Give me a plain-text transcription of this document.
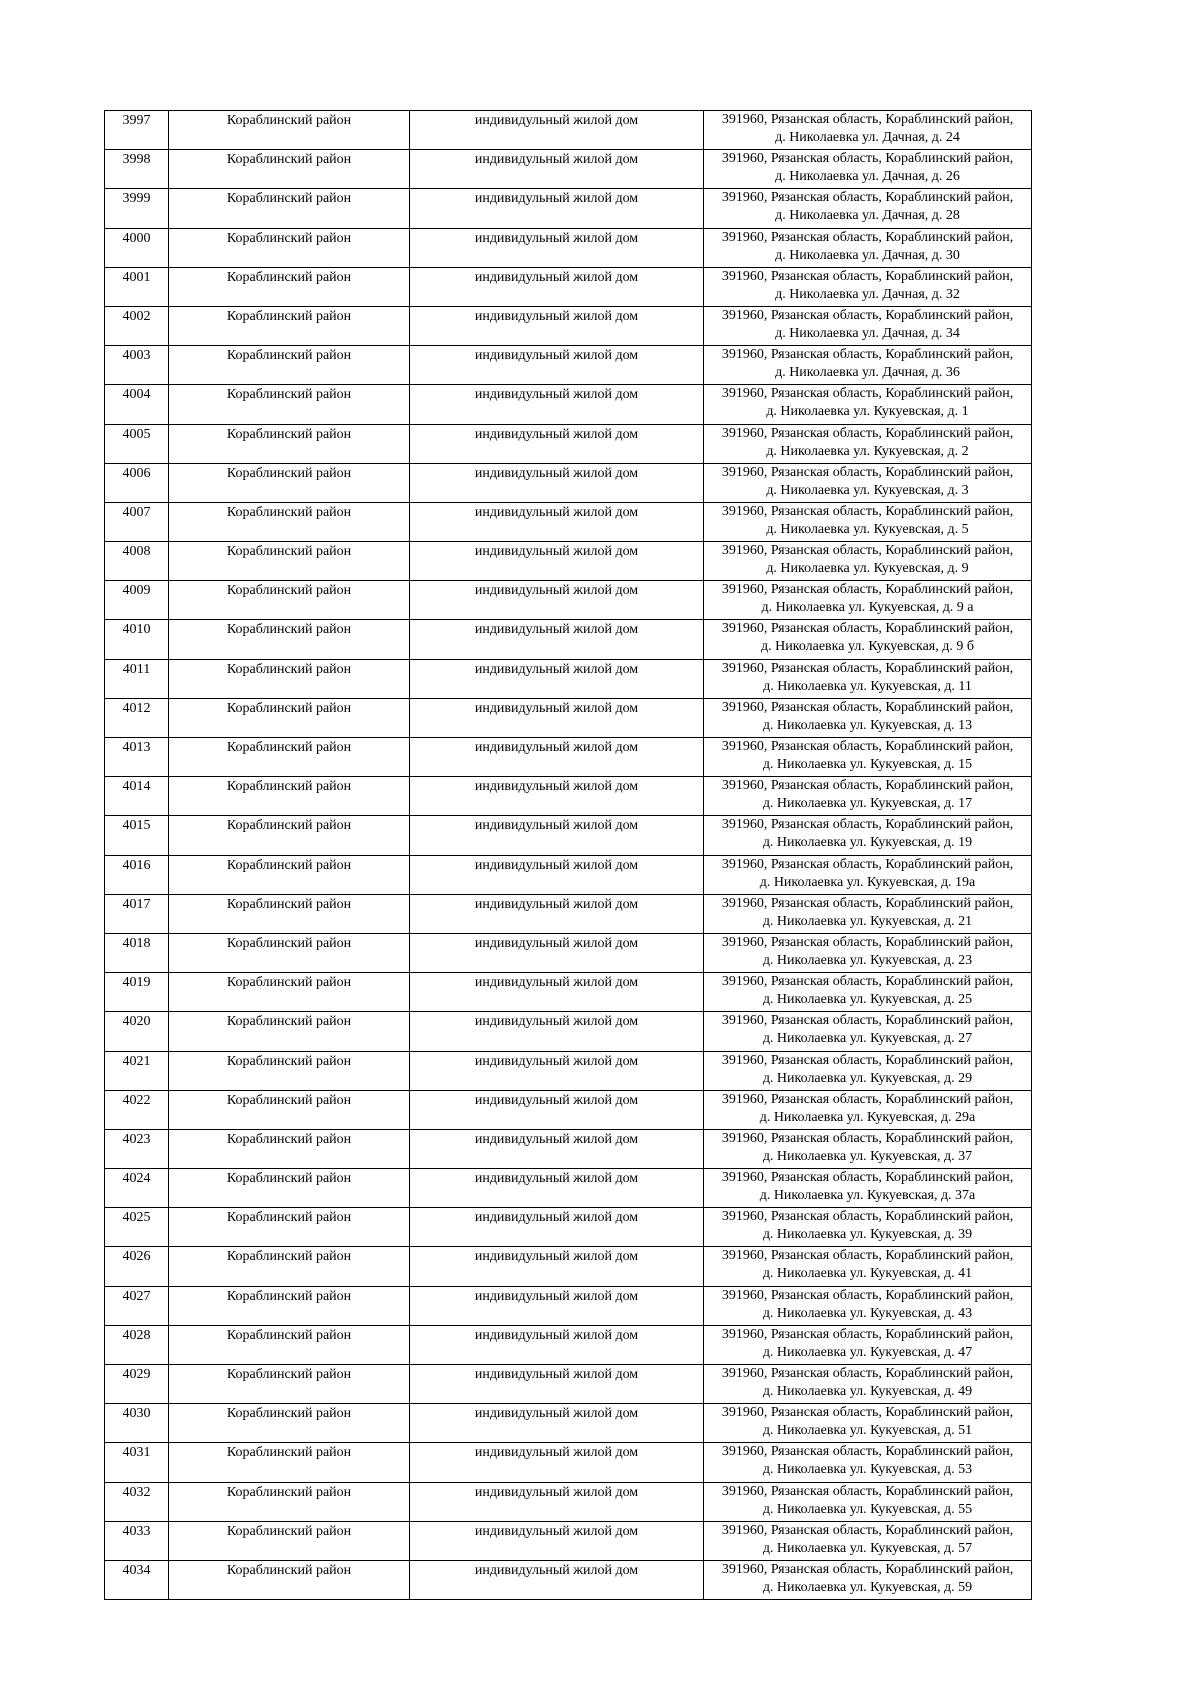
3997	Кораблинский район	индивидульный жилой дом	391960, Рязанская область, Кораблинский район,
д. Николаевка ул. Дачная, д. 24

3998	Кораблинский район	индивидульный жилой дом	391960, Рязанская область, Кораблинский район,
д. Николаевка ул. Дачная, д. 26

3999	Кораблинский район	индивидульный жилой дом	391960, Рязанская область, Кораблинский район,
д. Николаевка ул. Дачная, д. 28

4000	Кораблинский район	индивидульный жилой дом	391960, Рязанская область, Кораблинский район,
д. Николаевка ул. Дачная, д. 30

4001	Кораблинский район	индивидульный жилой дом	391960, Рязанская область, Кораблинский район,
д. Николаевка ул. Дачная, д. 32

4002	Кораблинский район	индивидульный жилой дом	391960, Рязанская область, Кораблинский район,
д. Николаевка ул. Дачная, д. 34

4003	Кораблинский район	индивидульный жилой дом	391960, Рязанская область, Кораблинский район,
д. Николаевка ул. Дачная, д. 36

4004	Кораблинский район	индивидульный жилой дом	391960, Рязанская область, Кораблинский район,
д. Николаевка ул. Кукуевская, д. 1

4005	Кораблинский район	индивидульный жилой дом	391960, Рязанская область, Кораблинский район,
д. Николаевка ул. Кукуевская, д. 2

4006	Кораблинский район	индивидульный жилой дом	391960, Рязанская область, Кораблинский район,
д. Николаевка ул. Кукуевская, д. 3

4007	Кораблинский район	индивидульный жилой дом	391960, Рязанская область, Кораблинский район,
д. Николаевка ул. Кукуевская, д. 5

4008	Кораблинский район	индивидульный жилой дом	391960, Рязанская область, Кораблинский район,
д. Николаевка ул. Кукуевская, д. 9

4009	Кораблинский район	индивидульный жилой дом	391960, Рязанская область, Кораблинский район,
д. Николаевка ул. Кукуевская, д. 9 а

4010	Кораблинский район	индивидульный жилой дом	391960, Рязанская область, Кораблинский район,
д. Николаевка ул. Кукуевская, д. 9 б

4011	Кораблинский район	индивидульный жилой дом	391960, Рязанская область, Кораблинский район,
д. Николаевка ул. Кукуевская, д. 11

4012	Кораблинский район	индивидульный жилой дом	391960, Рязанская область, Кораблинский район,
д. Николаевка ул. Кукуевская, д. 13

4013	Кораблинский район	индивидульный жилой дом	391960, Рязанская область, Кораблинский район,
д. Николаевка ул. Кукуевская, д. 15

4014	Кораблинский район	индивидульный жилой дом	391960, Рязанская область, Кораблинский район,
д. Николаевка ул. Кукуевская, д. 17

4015	Кораблинский район	индивидульный жилой дом	391960, Рязанская область, Кораблинский район,
д. Николаевка ул. Кукуевская, д. 19

4016	Кораблинский район	индивидульный жилой дом	391960, Рязанская область, Кораблинский район,
д. Николаевка ул. Кукуевская, д. 19а

4017	Кораблинский район	индивидульный жилой дом	391960, Рязанская область, Кораблинский район,
д. Николаевка ул. Кукуевская, д. 21

4018	Кораблинский район	индивидульный жилой дом	391960, Рязанская область, Кораблинский район,
д. Николаевка ул. Кукуевская, д. 23

4019	Кораблинский район	индивидульный жилой дом	391960, Рязанская область, Кораблинский район,
д. Николаевка ул. Кукуевская, д. 25

4020	Кораблинский район	индивидульный жилой дом	391960, Рязанская область, Кораблинский район,
д. Николаевка ул. Кукуевская, д. 27

4021	Кораблинский район	индивидульный жилой дом	391960, Рязанская область, Кораблинский район,
д. Николаевка ул. Кукуевская, д. 29

4022	Кораблинский район	индивидульный жилой дом	391960, Рязанская область, Кораблинский район,
д. Николаевка ул. Кукуевская, д. 29а

4023	Кораблинский район	индивидульный жилой дом	391960, Рязанская область, Кораблинский район,
д. Николаевка ул. Кукуевская, д. 37

4024	Кораблинский район	индивидульный жилой дом	391960, Рязанская область, Кораблинский район,
д. Николаевка ул. Кукуевская, д. 37а

4025	Кораблинский район	индивидульный жилой дом	391960, Рязанская область, Кораблинский район,
д. Николаевка ул. Кукуевская, д. 39

4026	Кораблинский район	индивидульный жилой дом	391960, Рязанская область, Кораблинский район,
д. Николаевка ул. Кукуевская, д. 41

4027	Кораблинский район	индивидульный жилой дом	391960, Рязанская область, Кораблинский район,
д. Николаевка ул. Кукуевская, д. 43

4028	Кораблинский район	индивидульный жилой дом	391960, Рязанская область, Кораблинский район,
д. Николаевка ул. Кукуевская, д. 47

4029	Кораблинский район	индивидульный жилой дом	391960, Рязанская область, Кораблинский район,
д. Николаевка ул. Кукуевская, д. 49

4030	Кораблинский район	индивидульный жилой дом	391960, Рязанская область, Кораблинский район,
д. Николаевка ул. Кукуевская, д. 51

4031	Кораблинский район	индивидульный жилой дом	391960, Рязанская область, Кораблинский район,
д. Николаевка ул. Кукуевская, д. 53

4032	Кораблинский район	индивидульный жилой дом	391960, Рязанская область, Кораблинский район,
д. Николаевка ул. Кукуевская, д. 55

4033	Кораблинский район	индивидульный жилой дом	391960, Рязанская область, Кораблинский район,
д. Николаевка ул. Кукуевская, д. 57

4034	Кораблинский район	индивидульный жилой дом	391960, Рязанская область, Кораблинский район,
д. Николаевка ул. Кукуевская, д. 59
